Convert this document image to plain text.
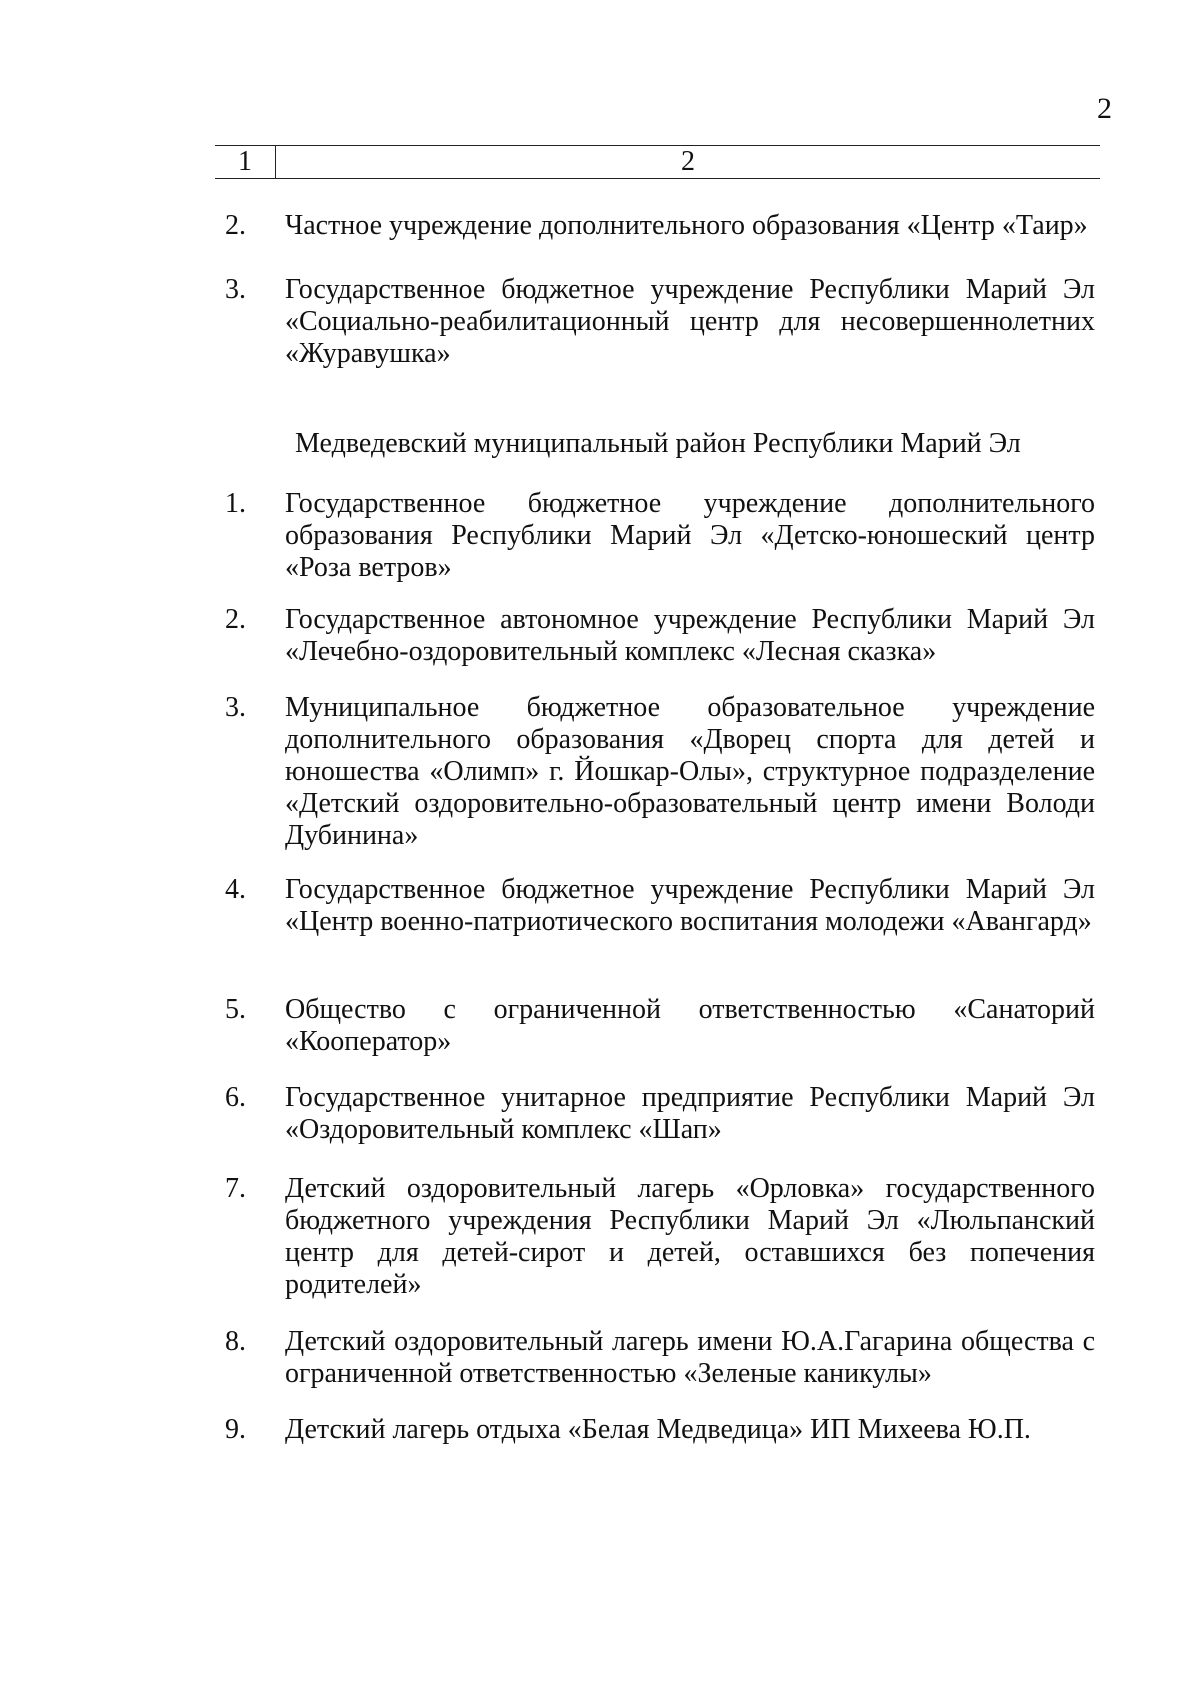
2
1	2
2.	Частное учреждение дополнительного образования «Центр «Таир»
3.	Государственное бюджетное учреждение Республики Марий Эл «Социально-реабилитационный центр для несовершеннолетних «Журавушка»
Медведевский муниципальный район Республики Марий Эл
1.	Государственное бюджетное учреждение дополнительного образования Республики Марий Эл «Детско-юношеский центр «Роза ветров»
2.	Государственное автономное учреждение Республики Марий Эл «Лечебно-оздоровительный комплекс «Лесная сказка»
3.	Муниципальное бюджетное образовательное учреждение дополнительного образования «Дворец спорта для детей и юношества «Олимп» г. Йошкар-Олы», структурное подразделение «Детский оздоровительно-образовательный центр имени Володи Дубинина»
4.	Государственное бюджетное учреждение Республики Марий Эл «Центр военно-патриотического воспитания молодежи «Авангард»
5.	Общество с ограниченной ответственностью «Санаторий «Кооператор»
6.	Государственное унитарное предприятие Республики Марий Эл «Оздоровительный комплекс «Шап»
7.	Детский оздоровительный лагерь «Орловка» государственного бюджетного учреждения Республики Марий Эл «Люльпанский центр для детей-сирот и детей, оставшихся без попечения родителей»
8.	Детский оздоровительный лагерь имени Ю.А.Гагарина общества с ограниченной ответственностью «Зеленые каникулы»
9.	Детский лагерь отдыха «Белая Медведица» ИП Михеева Ю.П.
